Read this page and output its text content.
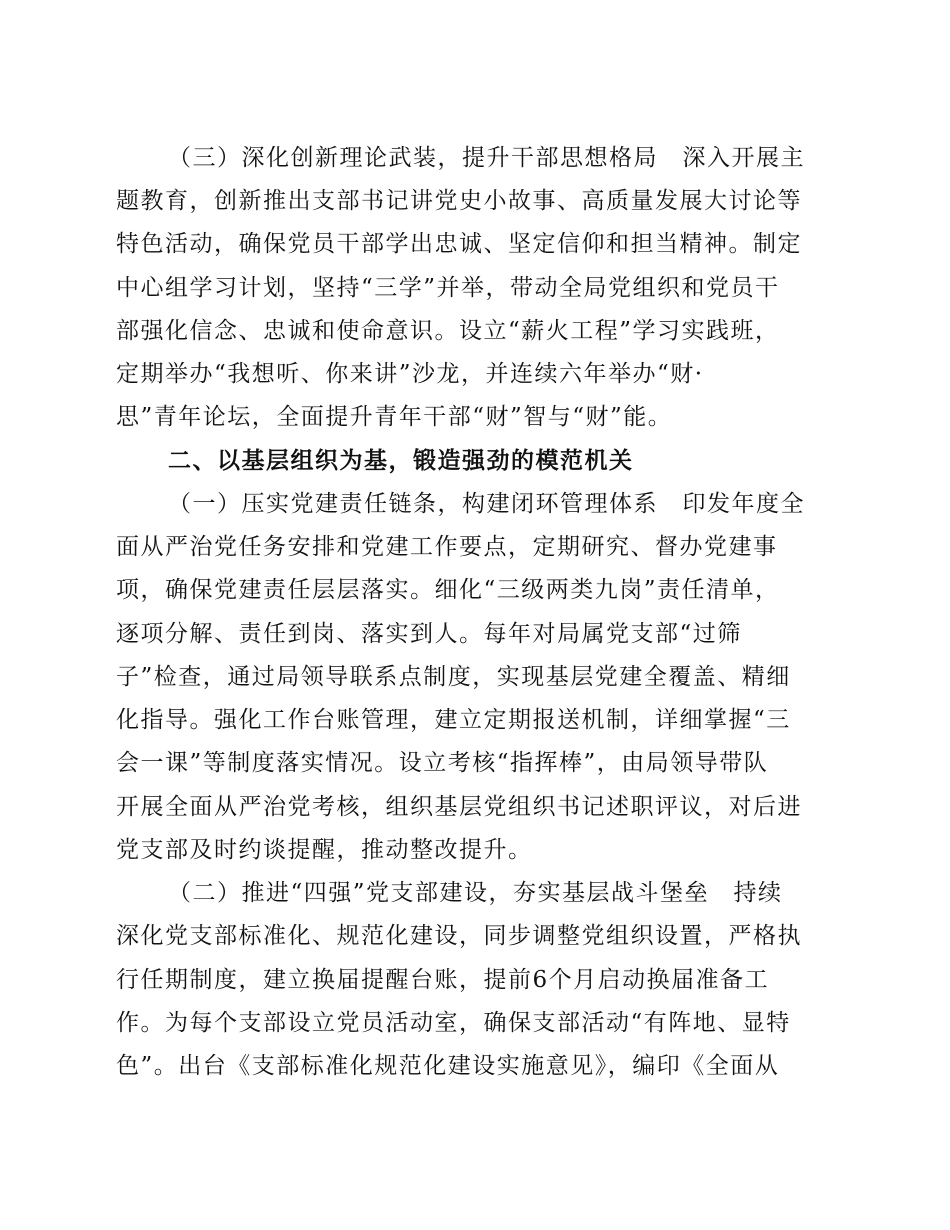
（三）深化创新理论武装，提升干部思想格局　深入开展主
题教育，创新推出支部书记讲党史小故事、高质量发展大讨论等
特色活动，确保党员干部学出忠诚、坚定信仰和担当精神。制定
中心组学习计划，坚持“三学”并举，带动全局党组织和党员干
部强化信念、忠诚和使命意识。设立“薪火工程”学习实践班，
定期举办“我想听、你来讲”沙龙，并连续六年举办“财·
思”青年论坛，全面提升青年干部“财”智与“财”能。
二、以基层组织为基，锻造强劲的模范机关
（一）压实党建责任链条，构建闭环管理体系　印发年度全
面从严治党任务安排和党建工作要点，定期研究、督办党建事
项，确保党建责任层层落实。细化“三级两类九岗”责任清单，
逐项分解、责任到岗、落实到人。每年对局属党支部“过筛
子”检查，通过局领导联系点制度，实现基层党建全覆盖、精细
化指导。强化工作台账管理，建立定期报送机制，详细掌握“三
会一课”等制度落实情况。设立考核“指挥棒”，由局领导带队
开展全面从严治党考核，组织基层党组织书记述职评议，对后进
党支部及时约谈提醒，推动整改提升。
（二）推进“四强”党支部建设，夯实基层战斗堡垒　持续
深化党支部标准化、规范化建设，同步调整党组织设置，严格执
行任期制度，建立换届提醒台账，提前6个月启动换届准备工
作。为每个支部设立党员活动室，确保支部活动“有阵地、显特
色”。出台《支部标准化规范化建设实施意见》，编印《全面从
